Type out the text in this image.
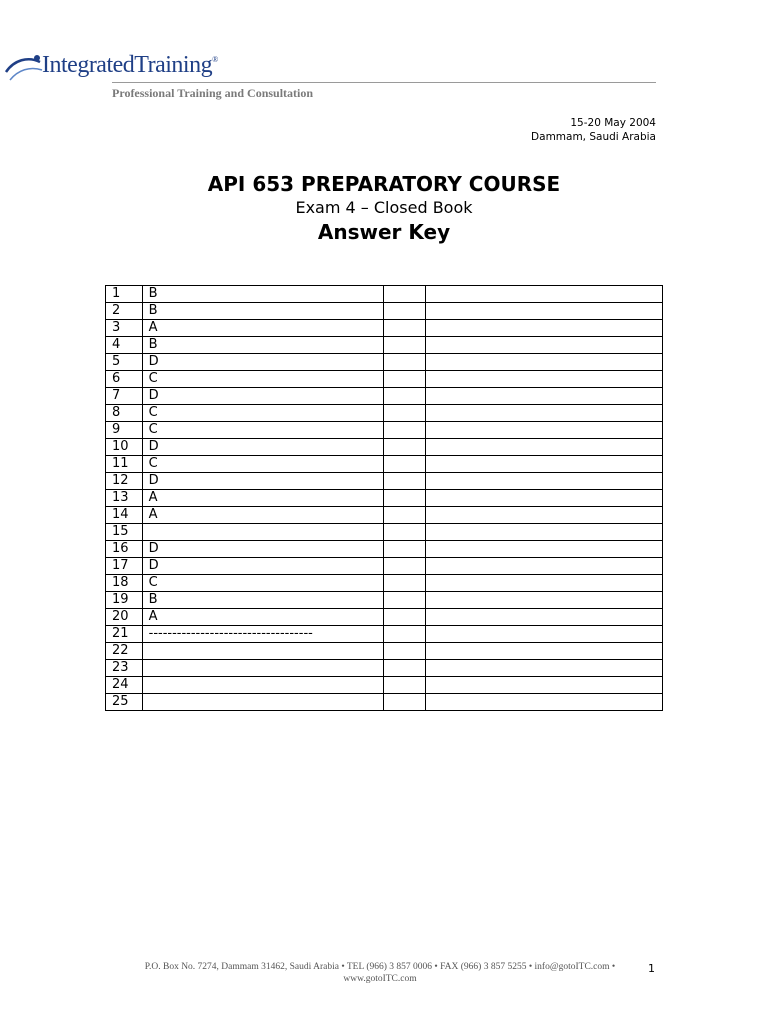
IntegratedTraining®
Professional Training and Consultation
15-20 May 2004
Dammam, Saudi Arabia
API 653 PREPARATORY COURSE
Exam 4 – Closed Book
Answer Key
1	B		
2	B		
3	A		
4	B		
5	D		
6	C		
7	D		
8	C		
9	C		
10	D		
11	C		
12	D		
13	A		
14	A		
15			
16	D		
17	D		
18	C		
19	B		
20	A		
21	-----------------------------------		
22			
23			
24			
25			
P.O. Box No. 7274, Dammam 31462, Saudi Arabia • TEL (966) 3 857 0006 • FAX (966) 3 857 5255 • info@gotoITC.com •
www.gotoITC.com
1
